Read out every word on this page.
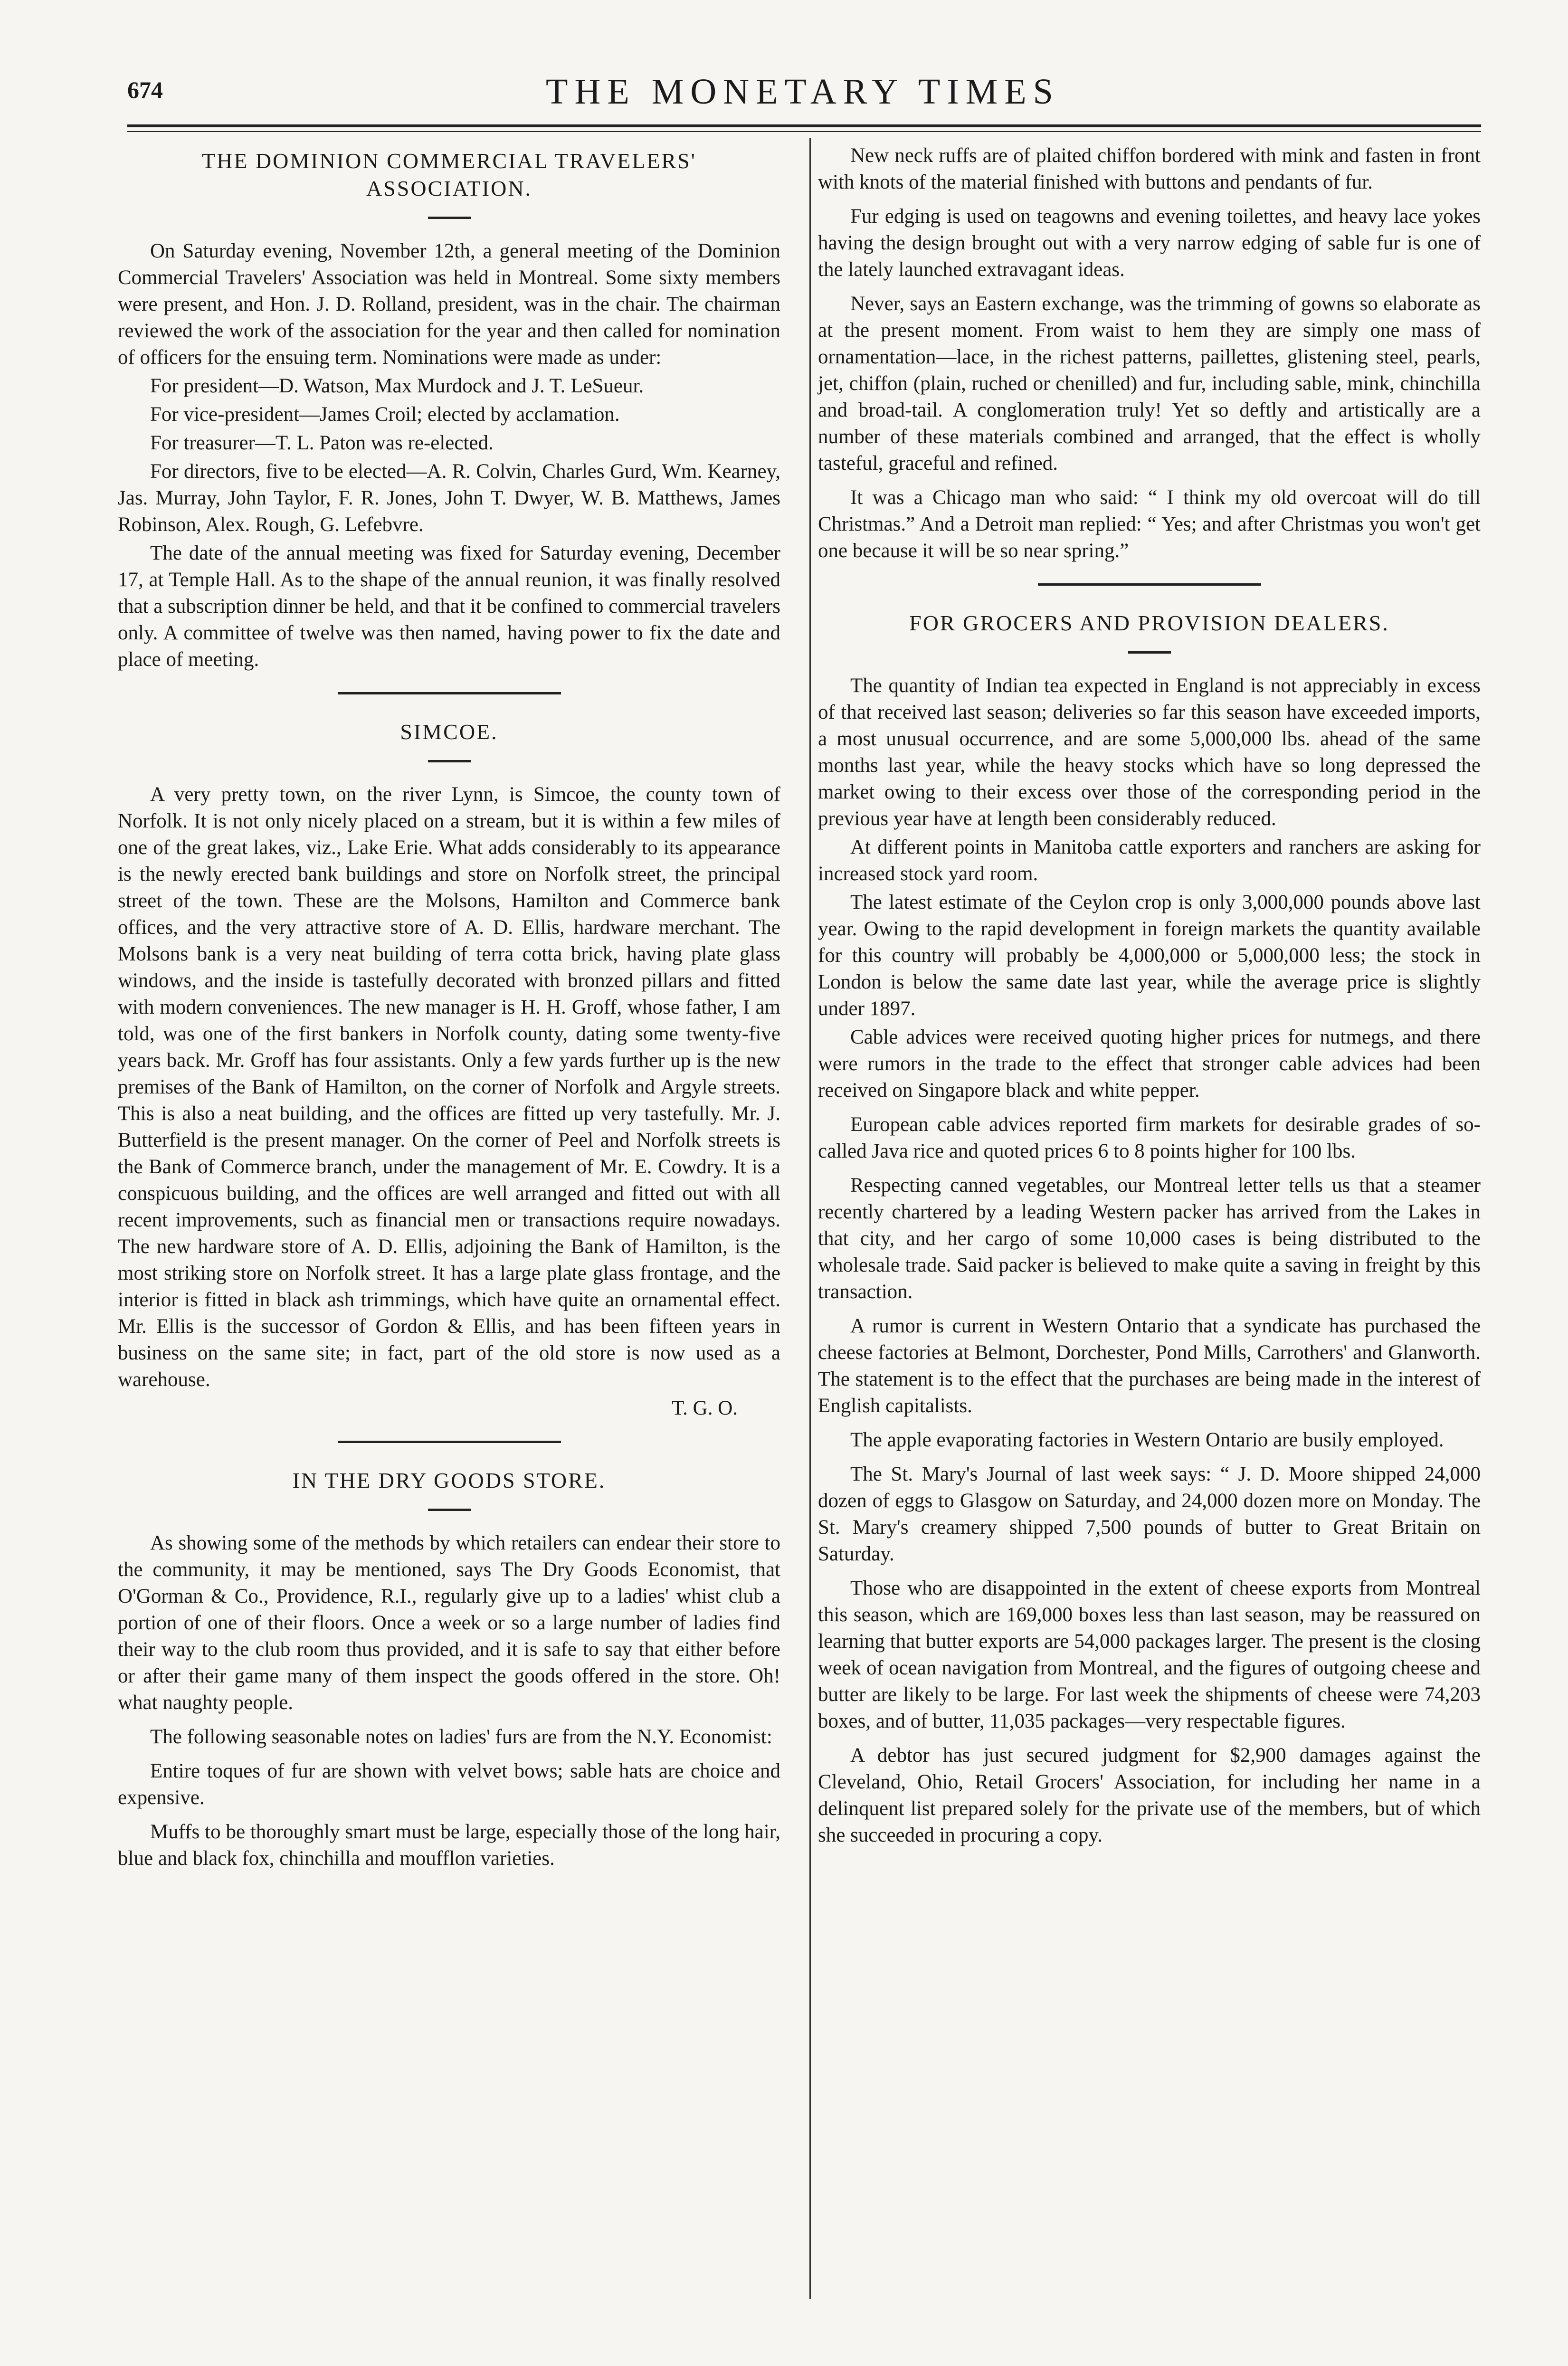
674	THE MONETARY TIMES
THE DOMINION COMMERCIAL TRAVELERS' ASSOCIATION.

On Saturday evening, November 12th, a general meeting of the Dominion Commercial Travelers' Association was held in Montreal. Some sixty members were present, and Hon. J. D. Rolland, president, was in the chair. The chairman reviewed the work of the association for the year and then called for nomination of officers for the ensuing term. Nominations were made as under:

For president—D. Watson, Max Murdock and J. T. LeSueur.

For vice-president—James Croil; elected by acclamation.

For treasurer—T. L. Paton was re-elected.

For directors, five to be elected—A. R. Colvin, Charles Gurd, Wm. Kearney, Jas. Murray, John Taylor, F. R. Jones, John T. Dwyer, W. B. Matthews, James Robinson, Alex. Rough, G. Lefebvre.

The date of the annual meeting was fixed for Saturday evening, December 17, at Temple Hall. As to the shape of the annual reunion, it was finally resolved that a subscription dinner be held, and that it be confined to commercial travelers only. A committee of twelve was then named, having power to fix the date and place of meeting.

SIMCOE.

A very pretty town, on the river Lynn, is Simcoe, the county town of Norfolk. It is not only nicely placed on a stream, but it is within a few miles of one of the great lakes, viz., Lake Erie. What adds considerably to its appearance is the newly erected bank buildings and store on Norfolk street, the principal street of the town. These are the Molsons, Hamilton and Commerce bank offices, and the very attractive store of A. D. Ellis, hardware merchant. The Molsons bank is a very neat building of terra cotta brick, having plate glass windows, and the inside is tastefully decorated with bronzed pillars and fitted with modern conveniences. The new manager is H. H. Groff, whose father, I am told, was one of the first bankers in Norfolk county, dating some twenty-five years back. Mr. Groff has four assistants. Only a few yards further up is the new premises of the Bank of Hamilton, on the corner of Norfolk and Argyle streets. This is also a neat building, and the offices are fitted up very tastefully. Mr. J. Butterfield is the present manager. On the corner of Peel and Norfolk streets is the Bank of Commerce branch, under the management of Mr. E. Cowdry. It is a conspicuous building, and the offices are well arranged and fitted out with all recent improvements, such as financial men or transactions require nowadays. The new hardware store of A. D. Ellis, adjoining the Bank of Hamilton, is the most striking store on Norfolk street. It has a large plate glass frontage, and the interior is fitted in black ash trimmings, which have quite an ornamental effect. Mr. Ellis is the successor of Gordon & Ellis, and has been fifteen years in business on the same site; in fact, part of the old store is now used as a warehouse.

T. G. O.
IN THE DRY GOODS STORE.

As showing some of the methods by which retailers can endear their store to the community, it may be mentioned, says The Dry Goods Economist, that O'Gorman & Co., Providence, R.I., regularly give up to a ladies' whist club a portion of one of their floors. Once a week or so a large number of ladies find their way to the club room thus provided, and it is safe to say that either before or after their game many of them inspect the goods offered in the store. Oh! what naughty people.

The following seasonable notes on ladies' furs are from the N.Y. Economist:

Entire toques of fur are shown with velvet bows; sable hats are choice and expensive.

Muffs to be thoroughly smart must be large, especially those of the long hair, blue and black fox, chinchilla and moufflon varieties.

New neck ruffs are of plaited chiffon bordered with mink and fasten in front with knots of the material finished with buttons and pendants of fur.

Fur edging is used on teagowns and evening toilettes, and heavy lace yokes having the design brought out with a very narrow edging of sable fur is one of the lately launched extravagant ideas.

Never, says an Eastern exchange, was the trimming of gowns so elaborate as at the present moment. From waist to hem they are simply one mass of ornamentation—lace, in the richest patterns, paillettes, glistening steel, pearls, jet, chiffon (plain, ruched or chenilled) and fur, including sable, mink, chinchilla and broad-tail. A conglomeration truly! Yet so deftly and artistically are a number of these materials combined and arranged, that the effect is wholly tasteful, graceful and refined.

It was a Chicago man who said: “ I think my old overcoat will do till Christmas.” And a Detroit man replied: “ Yes; and after Christmas you won't get one because it will be so near spring.”

FOR GROCERS AND PROVISION DEALERS.

The quantity of Indian tea expected in England is not appreciably in excess of that received last season; deliveries so far this season have exceeded imports, a most unusual occurrence, and are some 5,000,000 lbs. ahead of the same months last year, while the heavy stocks which have so long depressed the market owing to their excess over those of the corresponding period in the previous year have at length been considerably reduced.

At different points in Manitoba cattle exporters and ranchers are asking for increased stock yard room.

The latest estimate of the Ceylon crop is only 3,000,000 pounds above last year. Owing to the rapid development in foreign markets the quantity available for this country will probably be 4,000,000 or 5,000,000 less; the stock in London is below the same date last year, while the average price is slightly under 1897.

Cable advices were received quoting higher prices for nutmegs, and there were rumors in the trade to the effect that stronger cable advices had been received on Singapore black and white pepper.

European cable advices reported firm markets for desirable grades of so-called Java rice and quoted prices 6 to 8 points higher for 100 lbs.

Respecting canned vegetables, our Montreal letter tells us that a steamer recently chartered by a leading Western packer has arrived from the Lakes in that city, and her cargo of some 10,000 cases is being distributed to the wholesale trade. Said packer is believed to make quite a saving in freight by this transaction.

A rumor is current in Western Ontario that a syndicate has purchased the cheese factories at Belmont, Dorchester, Pond Mills, Carrothers' and Glanworth. The statement is to the effect that the purchases are being made in the interest of English capitalists.

The apple evaporating factories in Western Ontario are busily employed.

The St. Mary's Journal of last week says: “ J. D. Moore shipped 24,000 dozen of eggs to Glasgow on Saturday, and 24,000 dozen more on Monday. The St. Mary's creamery shipped 7,500 pounds of butter to Great Britain on Saturday.

Those who are disappointed in the extent of cheese exports from Montreal this season, which are 169,000 boxes less than last season, may be reassured on learning that butter exports are 54,000 packages larger. The present is the closing week of ocean navigation from Montreal, and the figures of outgoing cheese and butter are likely to be large. For last week the shipments of cheese were 74,203 boxes, and of butter, 11,035 packages—very respectable figures.

A debtor has just secured judgment for $2,900 damages against the Cleveland, Ohio, Retail Grocers' Association, for including her name in a delinquent list prepared solely for the private use of the members, but of which she succeeded in procuring a copy.
